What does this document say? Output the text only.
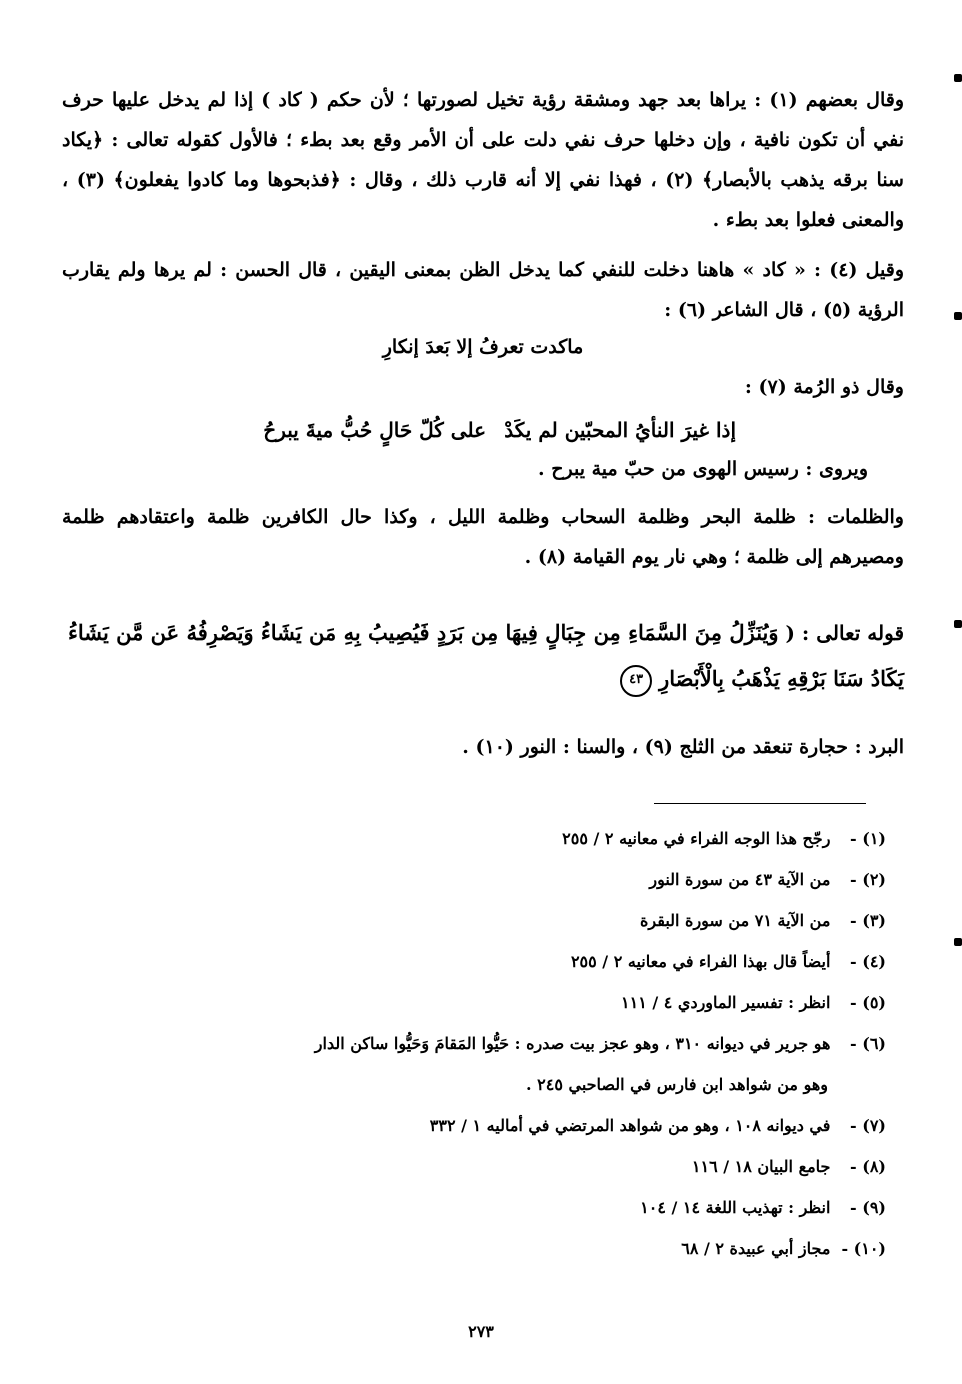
وقال بعضهم (١) : يراها بعد جهد ومشقة رؤية تخيل لصورتها ؛ لأن حكم ( كاد ) إذا لم يدخل عليها حرف نفي أن تكون نافية ، وإن دخلها حرف نفي دلت على أن الأمر وقع بعد بطء ؛ فالأول كقوله تعالى : ﴿يكاد سنا برقه يذهب بالأبصار﴾ (٢) ، فهذا نفي إلا أنه قارب ذلك ، وقال : ﴿فذبحوها وما كادوا يفعلون﴾ (٣) ، والمعنى فعلوا بعد بطء .

وقيل (٤) : « كاد » هاهنا دخلت للنفي كما يدخل الظن بمعنى اليقين ، قال الحسن : لم يرها ولم يقارب الرؤية (٥) ، قال الشاعر (٦) :

ماكدت تعرفُ إلا بَعدَ إنكارِ
وقال ذو الرُمة (٧) :
إذا غيرَ النأيُ المحبّين لم يكَدْ
على كُلّ حَالٍ حُبُّ ميةَ يبرحُ
ويروى : رسيس الهوى من حبّ مية يبرح .

والظلمات : ظلمة البحر وظلمة السحاب وظلمة الليل ، وكذا حال الكافرين ظلمة واعتقادهم ظلمة ومصيرهم إلى ظلمة ؛ وهي نار يوم القيامة (٨) .

قوله تعالى : ( وَيُنَزِّلُ مِنَ السَّمَاءِ مِن جِبَالٍ فِيهَا مِن بَرَدٍ فَيُصِيبُ بِهِ مَن يَشَاءُ وَيَصْرِفُهُ عَن مَّن يَشَاءُ يَكَادُ سَنَا بَرْقِهِ يَذْهَبُ بِالْأَبْصَارِ ٤٣
البرد : حجارة تنعقد من الثلج (٩) ، والسنا : النور (١٠) .
(١) - رجّح هذا الوجه الفراء في معانيه ٢ / ٢٥٥
(٢) - من الآية ٤٣ من سورة النور
(٣) - من الآية ٧١ من سورة البقرة
(٤) - أيضاً قال بهذا الفراء في معانيه ٢ / ٢٥٥
(٥) - انظر : تفسير الماوردي ٤ / ١١١
(٦) - هو جرير في ديوانه ٣١٠ ، وهو عجز بيت صدره : حَيُّوا المَقامَ وَحَيُّوا ساكن الدار
وهو من شواهد ابن فارس في الصاحبي ٢٤٥ .
(٧) - في ديوانه ١٠٨ ، وهو من شواهد المرتضي في أماليه ١ / ٣٣٢
(٨) - جامع البيان ١٨ / ١١٦
(٩) - انظر : تهذيب اللغة ١٤ / ١٠٤
(١٠) - مجاز أبي عبيدة ٢ / ٦٨
٢٧٣
